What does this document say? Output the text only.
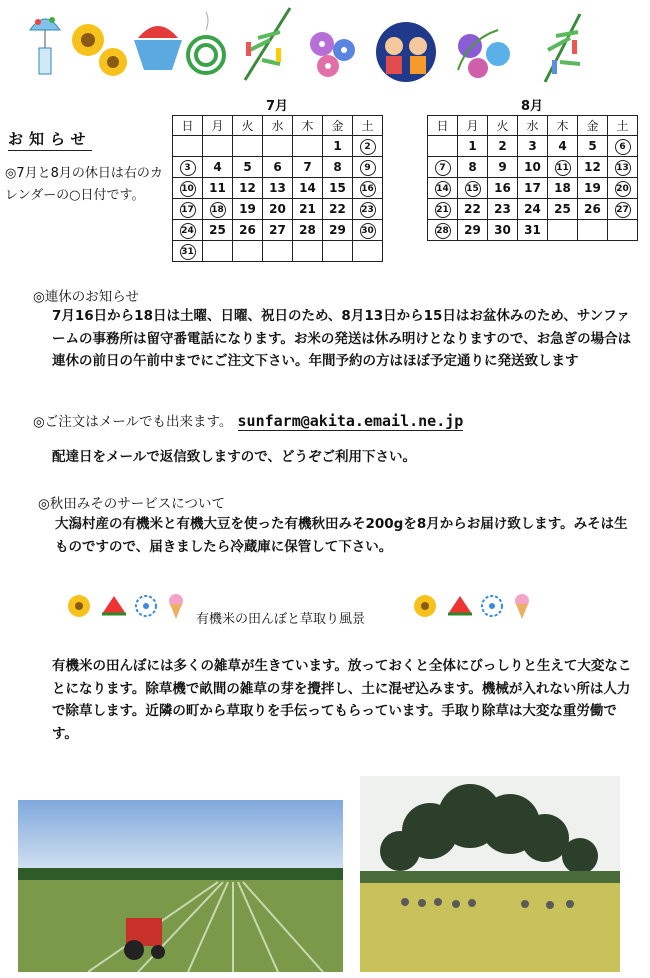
お知らせ
◎7月と8月の休日は右のカレンダーの○日付です。
7月
日	月	火	水	木	金	土
					1	2
3	4	5	6	7	8	9
10	11	12	13	14	15	16
17	18	19	20	21	22	23
24	25	26	27	28	29	30
31						
8月
日	月	火	水	木	金	土
	1	2	3	4	5	6
7	8	9	10	11	12	13
14	15	16	17	18	19	20
21	22	23	24	25	26	27
28	29	30	31			
◎連休のお知らせ
7月16日から18日は土曜、日曜、祝日のため、8月13日から15日はお盆休みのため、サンファームの事務所は留守番電話になります。お米の発送は休み明けとなりますので、お急ぎの場合は連休の前日の午前中までにご注文下さい。年間予約の方はほぼ予定通りに発送致します
◎ご注文はメールでも出来ます。 sunfarm@akita.email.ne.jp
配達日をメールで返信致しますので、どうぞご利用下さい。
◎秋田みそのサービスについて
大潟村産の有機米と有機大豆を使った有機秋田みそ200gを8月からお届け致します。みそは生ものですので、届きましたら冷蔵庫に保管して下さい。
有機米の田んぼと草取り風景
有機米の田んぼには多くの雑草が生きています。放っておくと全体にびっしりと生えて大変なことになります。除草機で畝間の雑草の芽を攪拌し、土に混ぜ込みます。機械が入れない所は人力で除草します。近隣の町から草取りを手伝ってもらっています。手取り除草は大変な重労働です。
